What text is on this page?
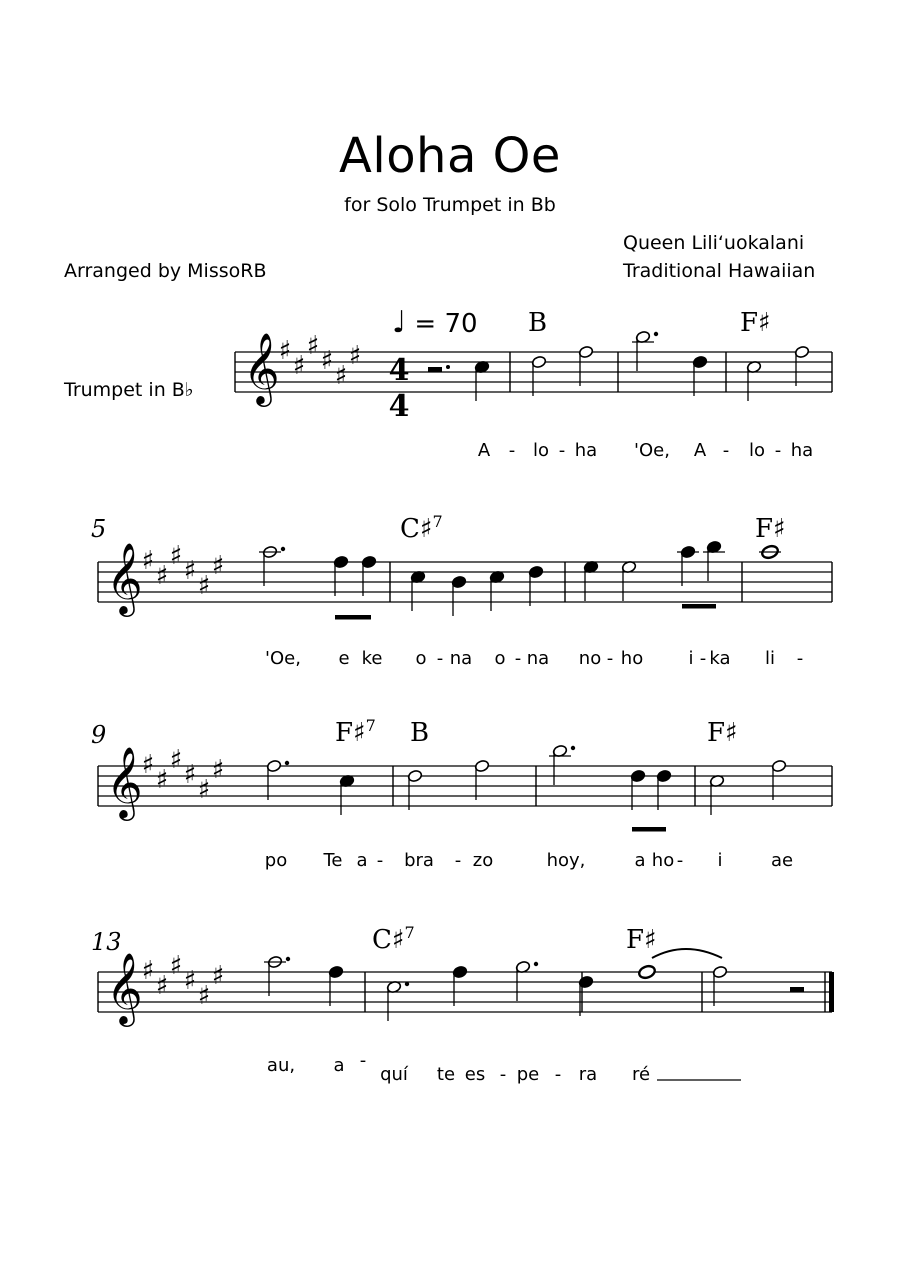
Aloha Oe
for Solo Trumpet in Bb
Queen Lili‘uokalani
Traditional Hawaiian
Arranged by MissoRB
Trumpet in B♭
♩ = 70
5
9
13
B	F♯
C♯$^7$	F♯
F♯$^7$ B	F♯
C♯$^7$	F♯
A - lo - ha 'Oe, A - lo - ha
'Oe, e ke o - na o - na no - ho	i - ka li -
po Te a - bra - zo	hoy,	a ho - i	ae
au, a -
quí te es - pe - ra ré
𝄞
𝄞
𝄞
𝄞
♯ ♯
♯ ♯ ♯
♯
♯ ♯
♯ ♯ ♯
♯
♯ ♯
♯ ♯ ♯
♯
♯ ♯
♯ ♯ ♯
♯
4
4
